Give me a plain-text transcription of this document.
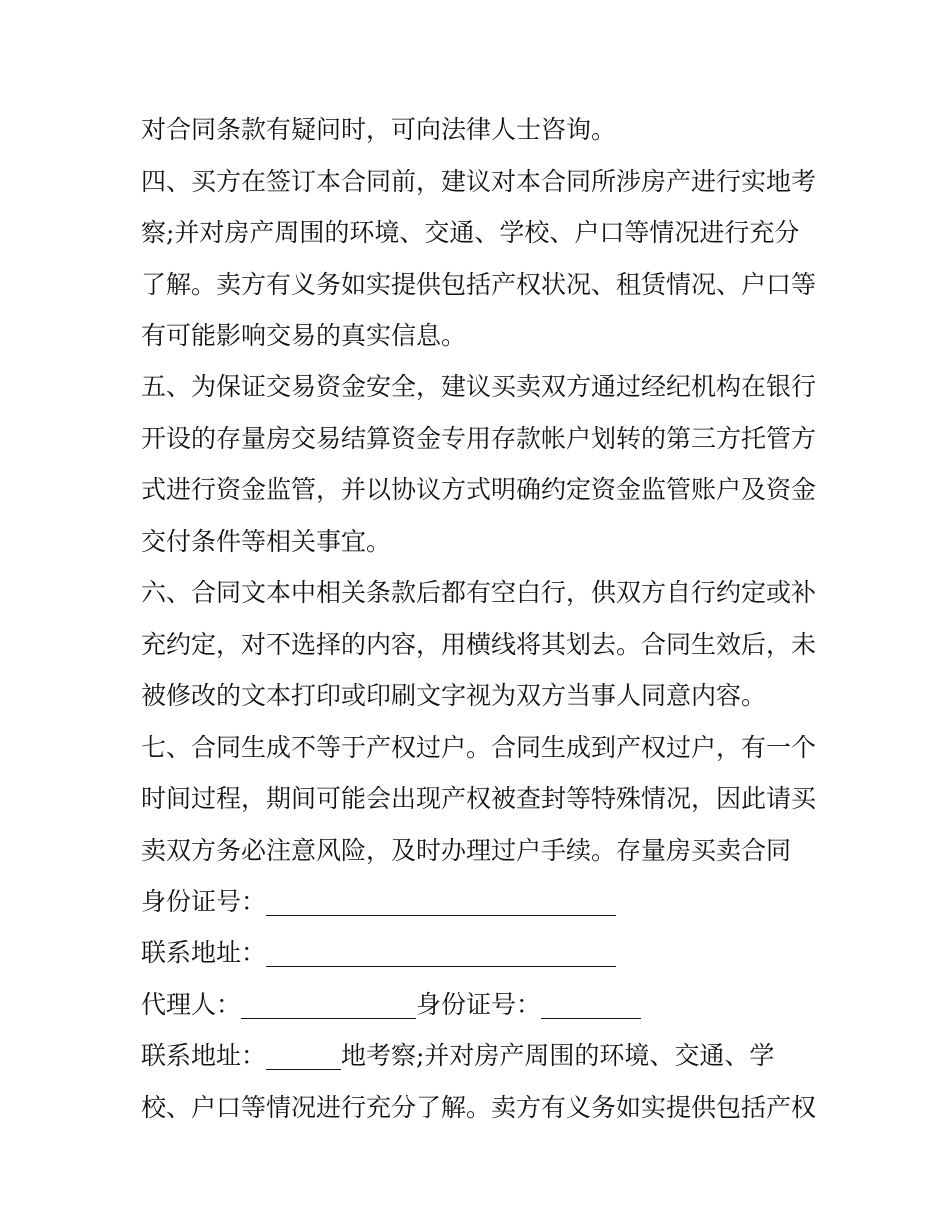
对合同条款有疑问时，可向法律人士咨询。
四、买方在签订本合同前，建议对本合同所涉房产进行实地考
察;并对房产周围的环境、交通、学校、户口等情况进行充分
了解。卖方有义务如实提供包括产权状况、租赁情况、户口等
有可能影响交易的真实信息。
五、为保证交易资金安全，建议买卖双方通过经纪机构在银行
开设的存量房交易结算资金专用存款帐户划转的第三方托管方
式进行资金监管，并以协议方式明确约定资金监管账户及资金
交付条件等相关事宜。
六、合同文本中相关条款后都有空白行，供双方自行约定或补
充约定，对不选择的内容，用横线将其划去。合同生效后，未
被修改的文本打印或印刷文字视为双方当事人同意内容。
七、合同生成不等于产权过户。合同生成到产权过户，有一个
时间过程，期间可能会出现产权被查封等特殊情况，因此请买
卖双方务必注意风险，及时办理过户手续。存量房买卖合同
身份证号：____________________________
联系地址：____________________________
代理人：______________身份证号：________
联系地址：______地考察;并对房产周围的环境、交通、学
校、户口等情况进行充分了解。卖方有义务如实提供包括产权
